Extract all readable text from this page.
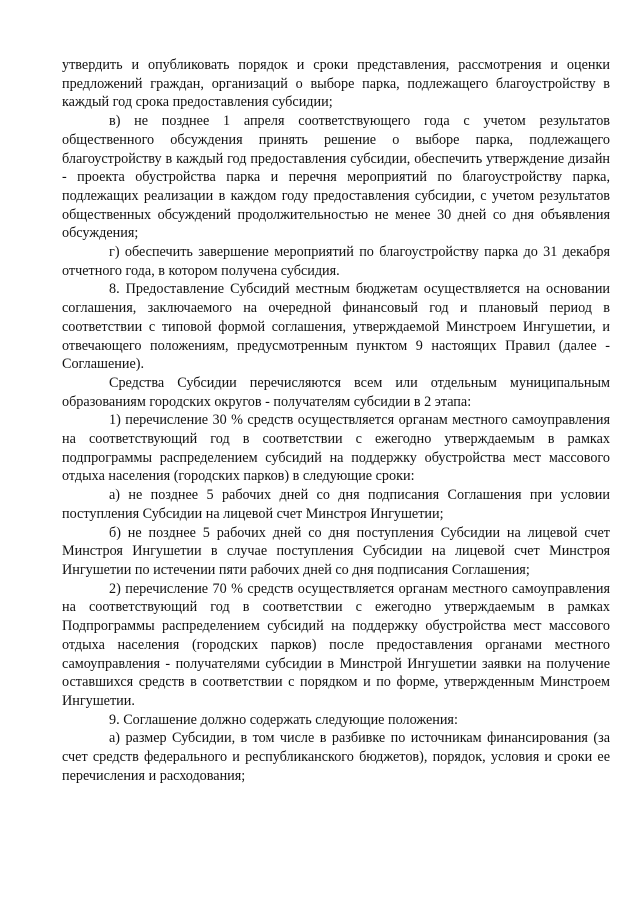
утвердить и опубликовать порядок и сроки представления, рассмотрения и оценки предложений граждан, организаций о выборе парка, подлежащего благоустройству в каждый год срока предоставления субсидии;

в) не позднее 1 апреля соответствующего года с учетом результатов общественного обсуждения принять решение о выборе парка, подлежащего благоустройству в каждый год предоставления субсидии, обеспечить утверждение дизайн - проекта обустройства парка и перечня мероприятий по благоустройству парка, подлежащих реализации в каждом году предоставления субсидии, с учетом результатов общественных обсуждений продолжительностью не менее 30 дней со дня объявления обсуждения;

г) обеспечить завершение мероприятий по благоустройству парка до 31 декабря отчетного года, в котором получена субсидия.

8. Предоставление Субсидий местным бюджетам осуществляется на основании соглашения, заключаемого на очередной финансовый год и плановый период в соответствии с типовой формой соглашения, утверждаемой Минстроем Ингушетии, и отвечающего положениям, предусмотренным пунктом 9 настоящих Правил (далее - Соглашение).

Средства Субсидии перечисляются всем или отдельным муниципальным образованиям городских округов - получателям субсидии в 2 этапа:

1) перечисление 30 % средств осуществляется органам местного самоуправления на соответствующий год в соответствии с ежегодно утверждаемым в рамках подпрограммы распределением субсидий на поддержку обустройства мест массового отдыха населения (городских парков) в следующие сроки:

а) не позднее 5 рабочих дней со дня подписания Соглашения при условии поступления Субсидии на лицевой счет Минстроя Ингушетии;

б) не позднее 5 рабочих дней со дня поступления Субсидии на лицевой счет Минстроя Ингушетии в случае поступления Субсидии на лицевой счет Минстроя Ингушетии по истечении пяти рабочих дней со дня подписания Соглашения;

2) перечисление 70 % средств осуществляется органам местного самоуправления на соответствующий год в соответствии с ежегодно утверждаемым в рамках Подпрограммы распределением субсидий на поддержку обустройства мест массового отдыха населения (городских парков) после предоставления органами местного самоуправления - получателями субсидии в Минстрой Ингушетии заявки на получение оставшихся средств в соответствии с порядком и по форме, утвержденным Минстроем Ингушетии.

9. Соглашение должно содержать следующие положения:

а) размер Субсидии, в том числе в разбивке по источникам финансирования (за счет средств федерального и республиканского бюджетов), порядок, условия и сроки ее перечисления и расходования;
